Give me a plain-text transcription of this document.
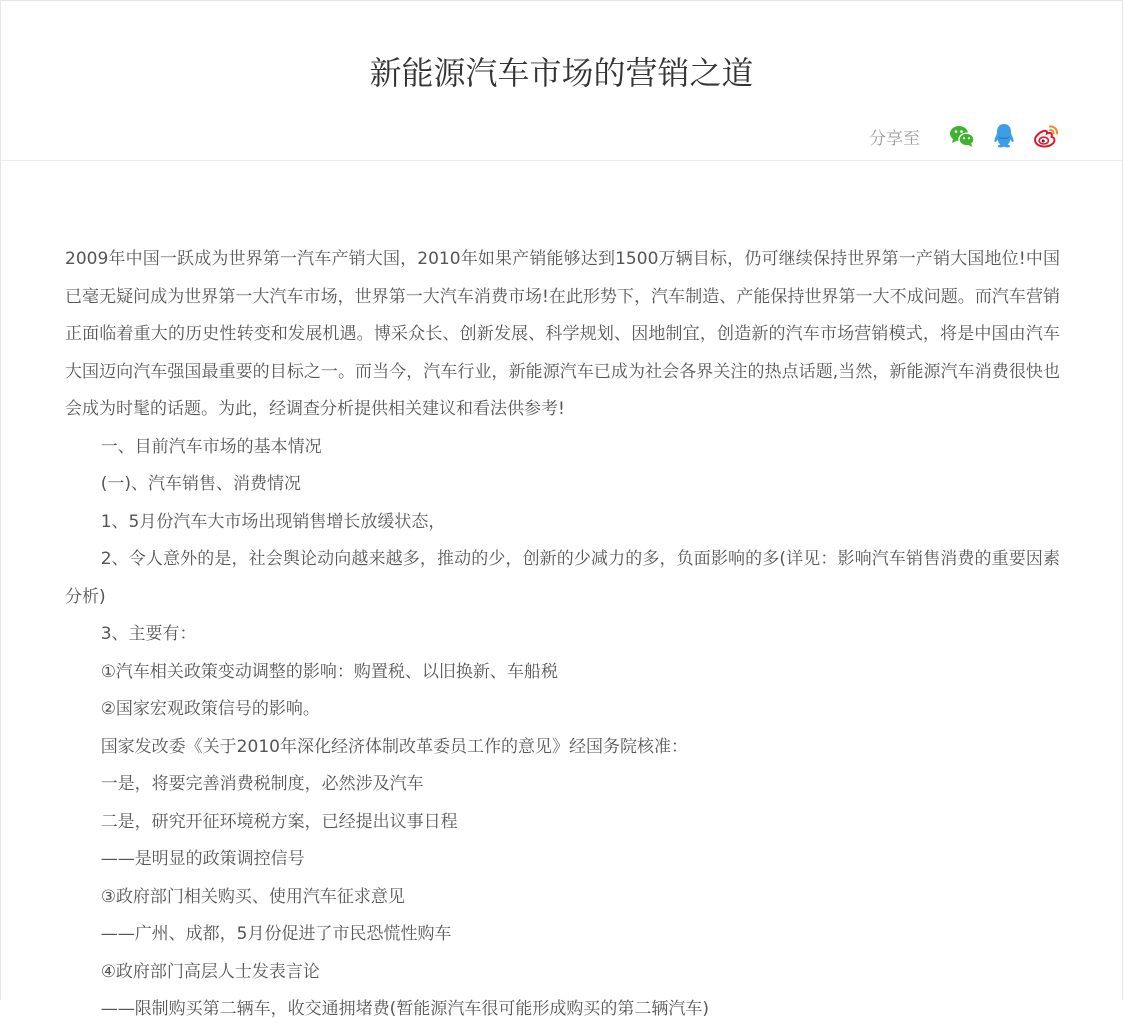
新能源汽车市场的营销之道
分享至

2009年中国一跃成为世界第一汽车产销大国，2010年如果产销能够达到1500万辆目标，仍可继续保持世界第一产销大国地位!中国已毫无疑问成为世界第一大汽车市场，世界第一大汽车消费市场!在此形势下，汽车制造、产能保持世界第一大不成问题。而汽车营销正面临着重大的历史性转变和发展机遇。博采众长、创新发展、科学规划、因地制宜，创造新的汽车市场营销模式，将是中国由汽车大国迈向汽车强国最重要的目标之一。而当今，汽车行业，新能源汽车已成为社会各界关注的热点话题,当然，新能源汽车消费很快也会成为时髦的话题。为此，经调查分析提供相关建议和看法供参考!

一、目前汽车市场的基本情况

(一)、汽车销售、消费情况

1、5月份汽车大市场出现销售增长放缓状态，

2、令人意外的是，社会舆论动向越来越多，推动的少，创新的少减力的多，负面影响的多(详见：影响汽车销售消费的重要因素分析)

3、主要有：

①汽车相关政策变动调整的影响：购置税、以旧换新、车船税

②国家宏观政策信号的影响。

国家发改委《关于2010年深化经济体制改革委员工作的意见》经国务院核准：

一是，将要完善消费税制度，必然涉及汽车

二是，研究开征环境税方案，已经提出议事日程

——是明显的政策调控信号

③政府部门相关购买、使用汽车征求意见

——广州、成都，5月份促进了市民恐慌性购车

④政府部门高层人士发表言论

——限制购买第二辆车，收交通拥堵费(暂能源汽车很可能形成购买的第二辆汽车)
